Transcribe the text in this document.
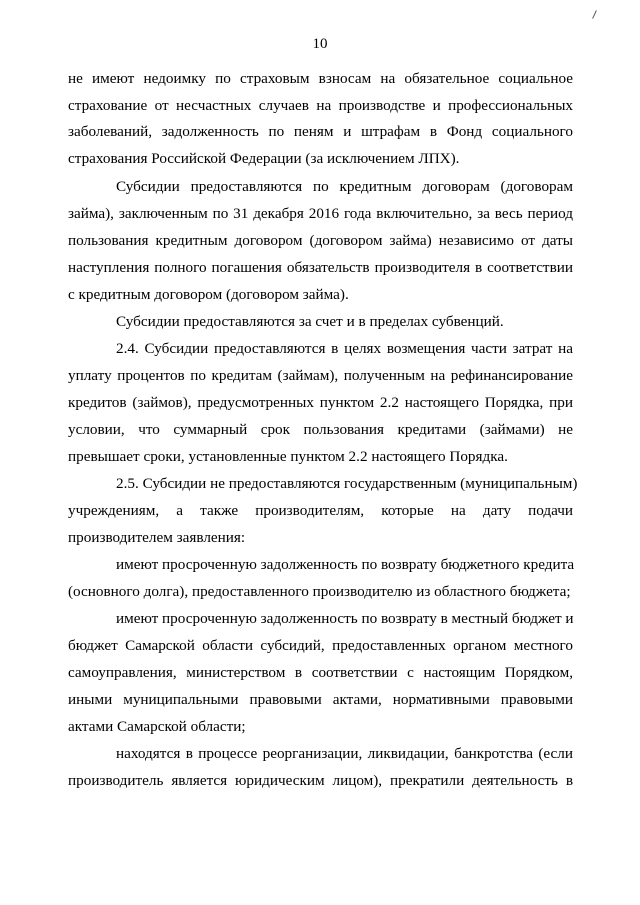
10
не имеют недоимку по страховым взносам на обязательное социальное
страхование от несчастных случаев на производстве и профессиональных
заболеваний, задолженность по пеням и штрафам в Фонд социального
страхования Российской Федерации (за исключением ЛПХ).
Субсидии предоставляются по кредитным договорам (договорам
займа), заключенным по 31 декабря 2016 года включительно, за весь период
пользования кредитным договором (договором займа) независимо от даты
наступления полного погашения обязательств производителя в соответствии
с кредитным договором (договором займа).
Субсидии предоставляются за счет и в пределах субвенций.
2.4. Субсидии предоставляются в целях возмещения части затрат на
уплату процентов по кредитам (займам), полученным на рефинансирование
кредитов (займов), предусмотренных пунктом 2.2 настоящего Порядка, при
условии, что суммарный срок пользования кредитами (займами) не
превышает сроки, установленные пунктом 2.2 настоящего Порядка.
2.5. Субсидии не предоставляются государственным (муниципальным)
учреждениям, а также производителям, которые на дату подачи
производителем заявления:
имеют просроченную задолженность по возврату бюджетного кредита
(основного долга), предоставленного производителю из областного бюджета;
имеют просроченную задолженность по возврату в местный бюджет и
бюджет Самарской области субсидий, предоставленных органом местного
самоуправления, министерством в соответствии с настоящим Порядком,
иными муниципальными правовыми актами, нормативными правовыми
актами Самарской области;
находятся в процессе реорганизации, ликвидации, банкротства (если
производитель является юридическим лицом), прекратили деятельность в
